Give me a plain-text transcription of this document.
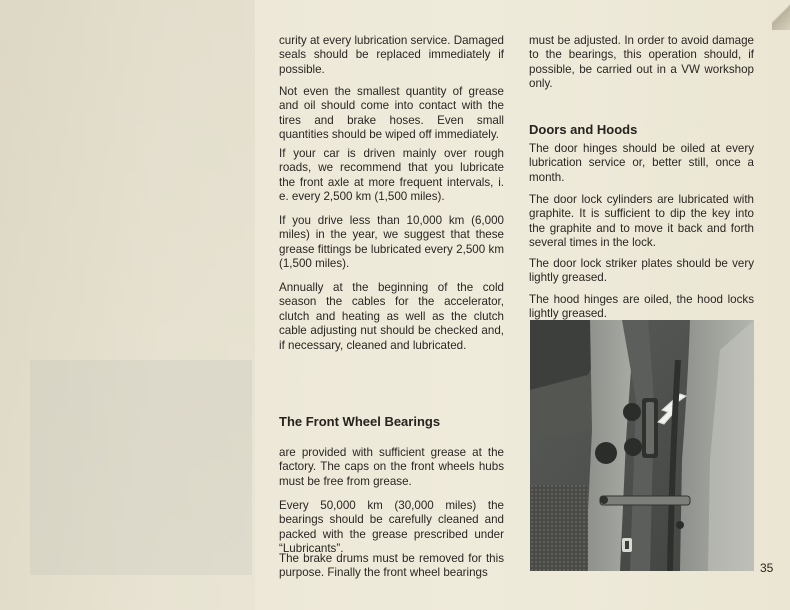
curity at every lubrication service. Damaged seals should be replaced immediately if possible.

Not even the smallest quantity of grease and oil should come into contact with the tires and brake hoses. Even small quantities should be wiped off immediately.

If your car is driven mainly over rough roads, we recommend that you lubricate the front axle at more frequent intervals, i. e. every 2,500 km (1,500 miles).

If you drive less than 10,000 km (6,000 miles) in the year, we suggest that these grease fittings be lubricated every 2,500 km (1,500 miles).

Annually at the beginning of the cold season the cables for the accelerator, clutch and heating as well as the clutch cable adjusting nut should be checked and, if necessary, cleaned and lubricated.

The Front Wheel Bearings

are provided with sufficient grease at the factory. The caps on the front wheels hubs must be free from grease.

Every 50,000 km (30,000 miles) the bearings should be carefully cleaned and packed with the grease prescribed under “Lubricants”.

The brake drums must be removed for this purpose. Finally the front wheel bearings

must be adjusted. In order to avoid damage to the bearings, this operation should, if possible, be carried out in a VW workshop only.

Doors and Hoods

The door hinges should be oiled at every lubrication service or, better still, once a month.

The door lock cylinders are lubricated with graphite. It is sufficient to dip the key into the graphite and to move it back and forth several times in the lock.

The door lock striker plates should be very lightly greased.

The hood hinges are oiled, the hood locks lightly greased.

35
